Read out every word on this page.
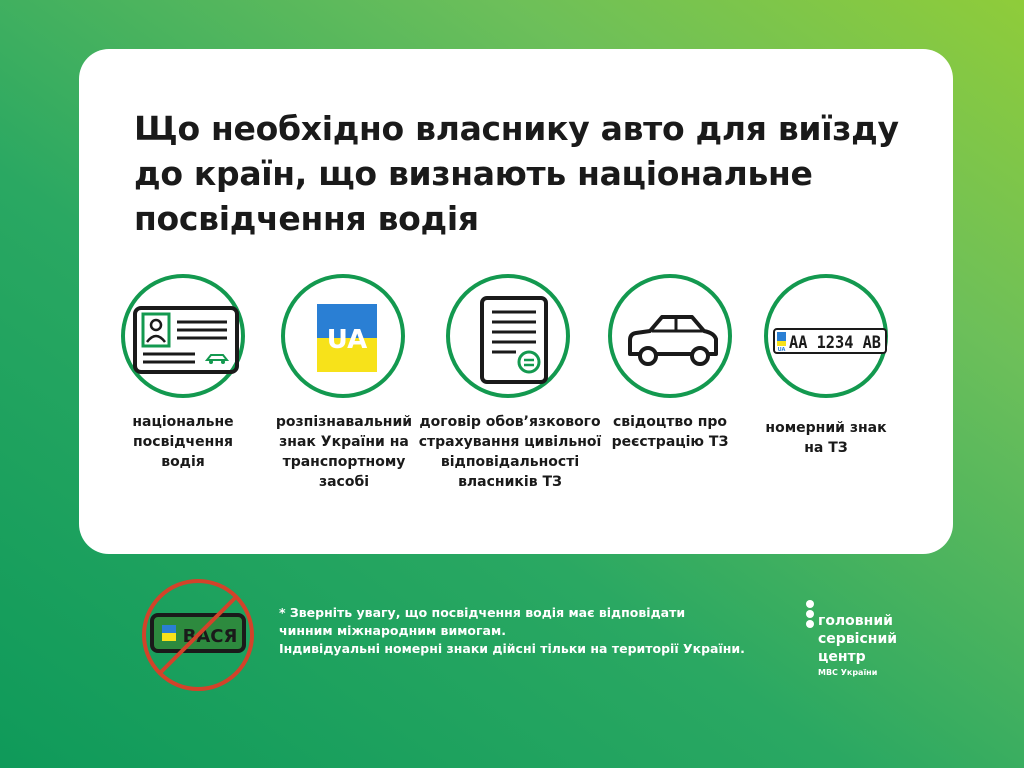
Що необхідно власнику авто для виїзду
до країн, що визнають національне
посвідчення водія
національне
посвідчення
водія
UA
розпізнавальний
знак України на
транспортному
засобі
договір обов’язкового
страхування цивільної
відповідальності
власників ТЗ
свідоцтво про
реєстрацію ТЗ
UA AA 1234 AB
номерний знак
на ТЗ
ВАСЯ
* Зверніть увагу, що посвідчення водія має відповідати
чинним міжнародним вимогам.
Індивідуальні номерні знаки дійсні тільки на території України.
головний
сервісний
центр
МВС України
